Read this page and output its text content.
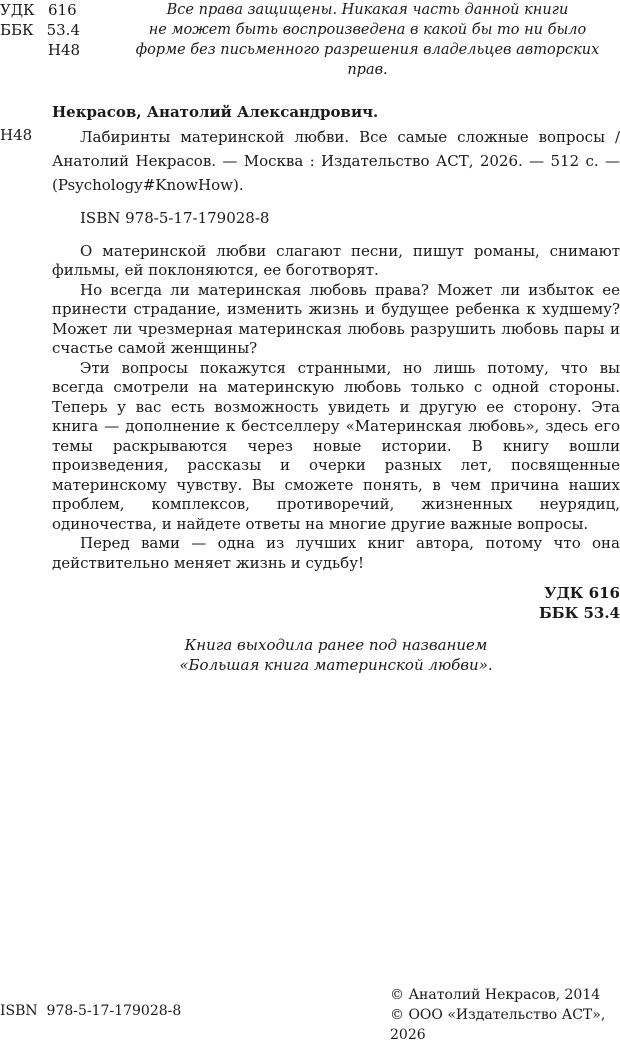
УДК 616
ББК 53.4
Н48
Все права защищены. Никакая часть данной книги
не может быть воспроизведена в какой бы то ни было
форме без письменного разрешения владельцев авторских прав.
Н48
Некрасов, Анатолий Александрович.
Лабиринты материнской любви. Все самые сложные вопросы /Анатолий Некрасов. — Москва : Издательство АСТ, 2026. — 512 с. — (Psychology#KnowHow).
ISBN 978-5-17-179028-8

О материнской любви слагают песни, пишут романы, снимают фильмы, ей поклоняются, ее боготворят.

Но всегда ли материнская любовь права? Может ли избыток ее принести страдание, изменить жизнь и будущее ребенка к худшему? Может ли чрезмерная материнская любовь разрушить любовь пары и счастье самой женщины?

Эти вопросы покажутся странными, но лишь потому, что вы всегда смотрели на материнскую любовь только с одной стороны. Теперь у вас есть возможность увидеть и другую ее сторону. Эта книга — дополнение к бестселлеру «Материнская любовь», здесь его темы раскрываются через новые истории. В книгу вошли произведения, рассказы и очерки разных лет, посвященные материнскому чувству. Вы сможете понять, в чем причина наших проблем, комплексов, противоречий, жизненных неурядиц, одиночества, и найдете ответы на многие другие важные вопросы.

Перед вами — одна из лучших книг автора, потому что она действительно меняет жизнь и судьбу!

УДК 616
ББК 53.4
Книга выходила ранее под названием
«Большая книга материнской любви».
© Анатолий Некрасов, 2014
© ООО «Издательство АСТ», 2026
ISBN  978-5-17-179028-8
